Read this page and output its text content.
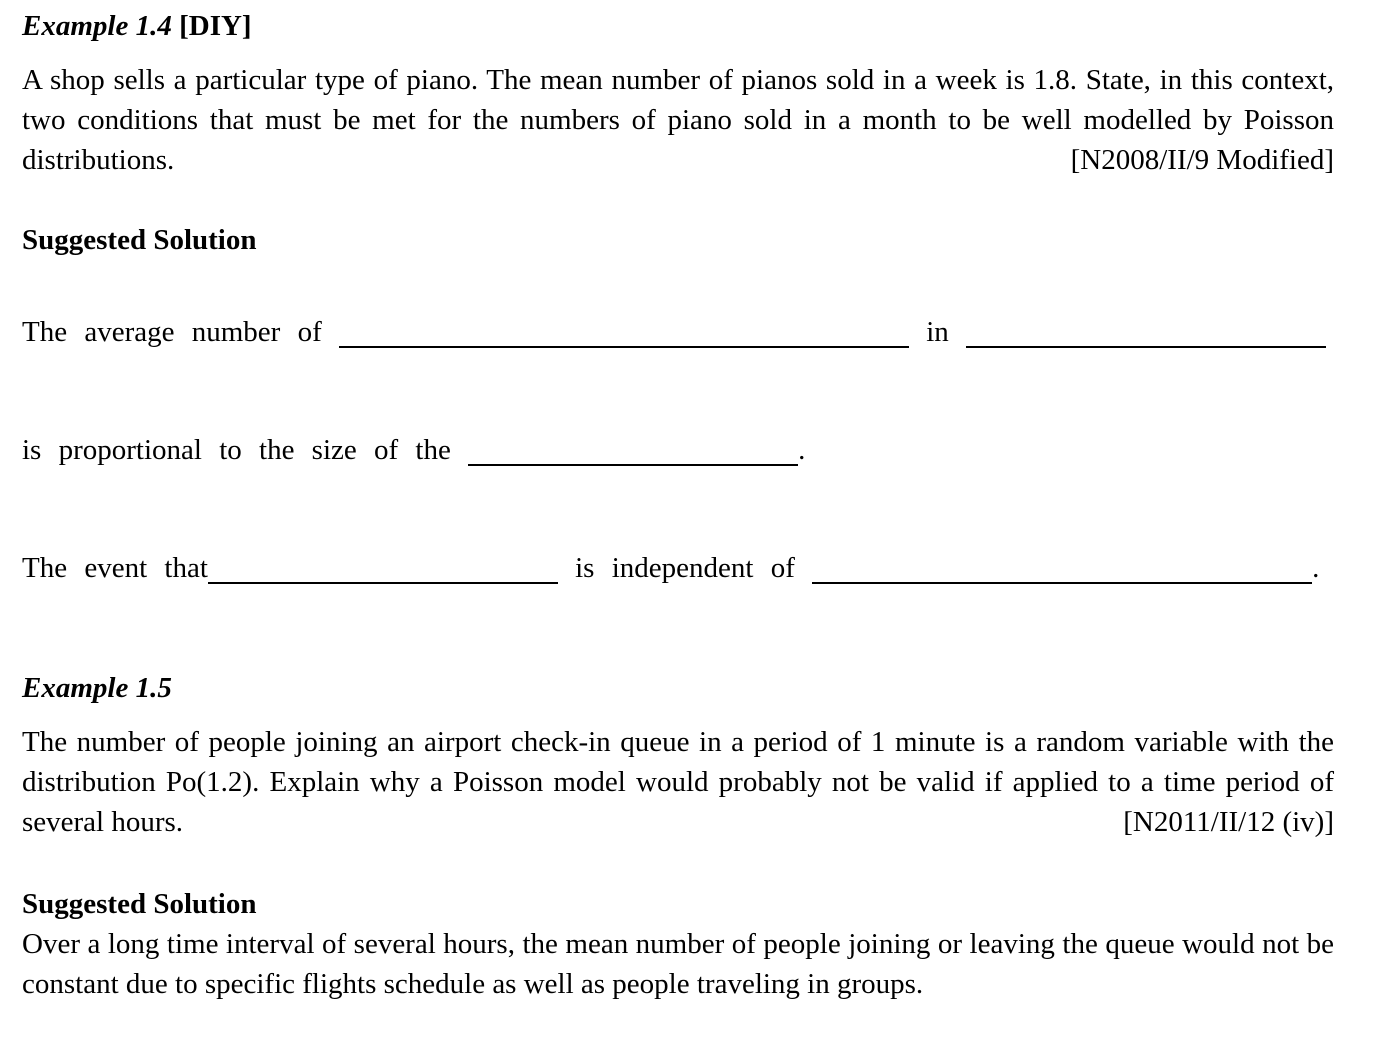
Example 1.4 [DIY]

A shop sells a particular type of piano. The mean number of pianos sold in a week is 1.8. State, in this context, two conditions that must be met for the numbers of piano sold in a month to be well modelled by Poisson distributions.	[N2008/II/9 Modified]

Suggested Solution
The average number of	in
is proportional to the size of the	.
The event that	is independent of	.
Example 1.5

The number of people joining an airport check-in queue in a period of 1 minute is a random variable with the distribution Po(1.2). Explain why a Poisson model would probably not be valid if applied to a time period of several hours.	[N2011/II/12 (iv)]

Suggested Solution

Over a long time interval of several hours, the mean number of people joining or leaving the queue would not be constant due to specific flights schedule as well as people traveling in groups.
